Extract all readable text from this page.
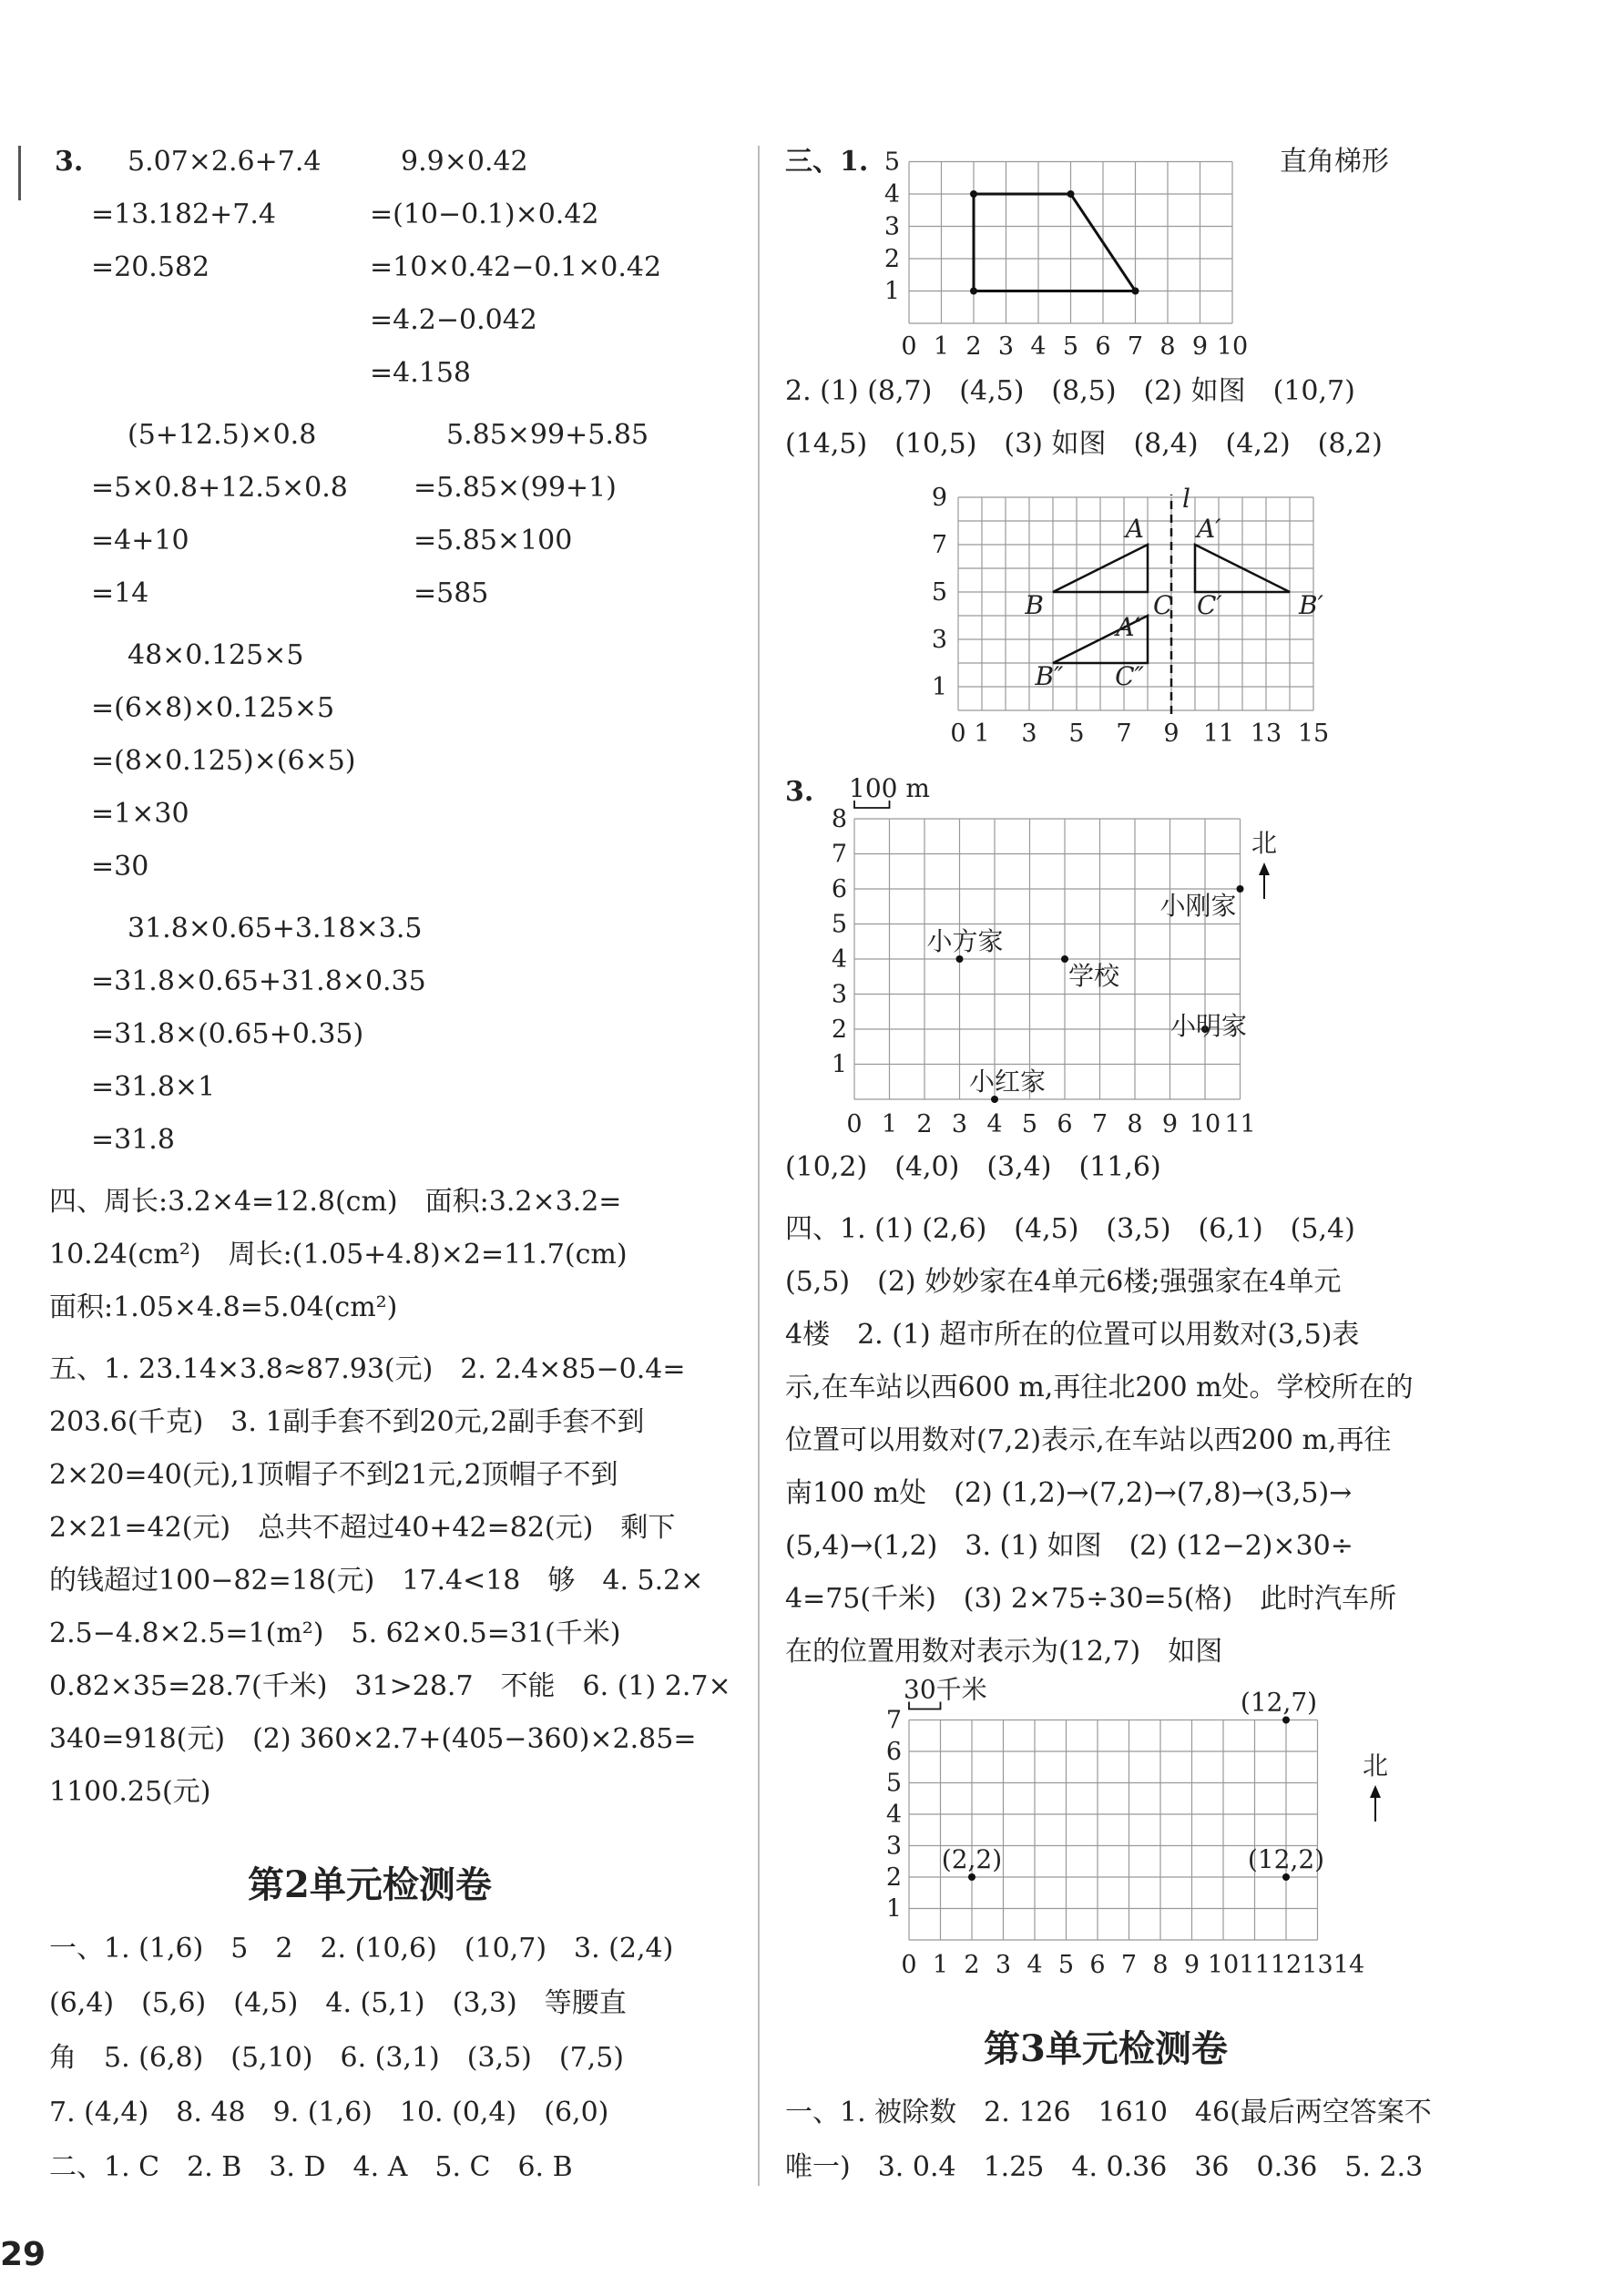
3. 5.07×2.6+7.4
=13.182+7.4
=20.582
9.9×0.42
=(10−0.1)×0.42
=10×0.42−0.1×0.42
=4.2−0.042
=4.158
(5+12.5)×0.8
=5×0.8+12.5×0.8
=4+10
=14
5.85×99+5.85
=5.85×(99+1)
=5.85×100
=585
48×0.125×5
=(6×8)×0.125×5
=(8×0.125)×(6×5)
=1×30
=30
31.8×0.65+3.18×3.5
=31.8×0.65+31.8×0.35
=31.8×(0.65+0.35)
=31.8×1
=31.8
四、周长:3.2×4=12.8(cm)　面积:3.2×3.2=
10.24(cm²)　周长:(1.05+4.8)×2=11.7(cm)
面积:1.05×4.8=5.04(cm²)
五、1. 23.14×3.8≈87.93(元)　2. 2.4×85−0.4=
203.6(千克)　3. 1副手套不到20元,2副手套不到
2×20=40(元),1顶帽子不到21元,2顶帽子不到
2×21=42(元)　总共不超过40+42=82(元)　剩下
的钱超过100−82=18(元)　17.4<18　够　4. 5.2×
2.5−4.8×2.5=1(m²)　5. 62×0.5=31(千米)
0.82×35=28.7(千米)　31>28.7　不能　6. (1) 2.7×
340=918(元)　(2) 360×2.7+(405−360)×2.85=
1100.25(元)
第2单元检测卷
一、1. (1,6)　5　2　2. (10,6)　(10,7)　3. (2,4)
(6,4)　(5,6)　(4,5)　4. (5,1)　(3,3)　等腰直
角　5. (6,8)　(5,10)　6. (3,1)　(3,5)　(7,5)
7. (4,4)　8. 48　9. (1,6)　10. (0,4)　(6,0)
二、1. C　2. B　3. D　4. A　5. C　6. B
三、1.	直角梯形
0 1 2 3 4 5 6 7 8 9 10
1
2
3
4
5
2. (1) (8,7)　(4,5)　(8,5)　(2) 如图　(10,7)
(14,5)　(10,5)　(3) 如图　(8,4)　(4,2)　(8,2)
0 1 3 5 7 9 11 13 15
1
3
5
7
9	l
A
B	C
A′
B′
C′
A″
B″ C″
3.
0 1 2 3 4 5 6 7 8 9 10 11
1
2
3
4
5
6
7
8
100 m
北
小方家
学校
小刚家
小明家
小红家
(10,2)　(4,0)　(3,4)　(11,6)
四、1. (1) (2,6)　(4,5)　(3,5)　(6,1)　(5,4)
(5,5)　(2) 妙妙家在4单元6楼;强强家在4单元
4楼　2. (1) 超市所在的位置可以用数对(3,5)表
示,在车站以西600 m,再往北200 m处。学校所在的
位置可以用数对(7,2)表示,在车站以西200 m,再往
南100 m处　(2) (1,2)→(7,2)→(7,8)→(3,5)→
(5,4)→(1,2)　3. (1) 如图　(2) (12−2)×30÷
4=75(千米)　(3) 2×75÷30=5(格)　此时汽车所
在的位置用数对表示为(12,7)　如图
0 1 2 3 4 5 6 7 8 9 10 11 12 13 14
1
2
3
4
5
6
7
30千米
北
(2,2)	(12,2)
(12,7)
第3单元检测卷
一、1. 被除数　2. 126　1610　46(最后两空答案不
唯一)　3. 0.4　1.25　4. 0.36　36　0.36　5. 2.3
29
